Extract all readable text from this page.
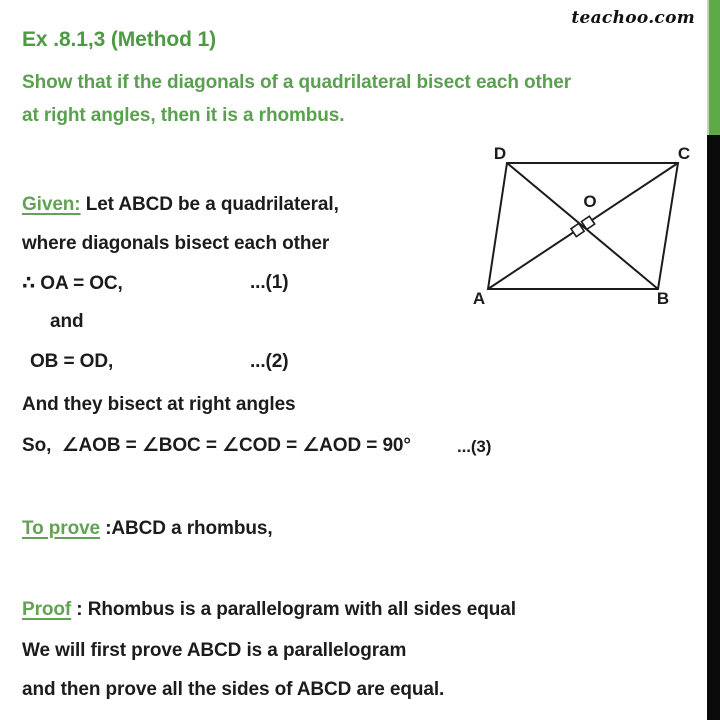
teachoo.com
Ex .8.1,3 (Method 1)
Show that if the diagonals of a quadrilateral bisect each other
at right angles, then it is a rhombus.
Given: Let ABCD be a quadrilateral,
where diagonals bisect each other
∴ OA = OC,	...(1)
and
OB = OD,	...(2)
And they bisect at right angles
So,  ∠AOB = ∠BOC = ∠COD = ∠AOD = 90°	...(3)
To prove :ABCD a rhombus,
Proof : Rhombus is a parallelogram with all sides equal
We will first prove ABCD is a parallelogram
and then prove all the sides of ABCD are equal.
D	C
A	B
O
